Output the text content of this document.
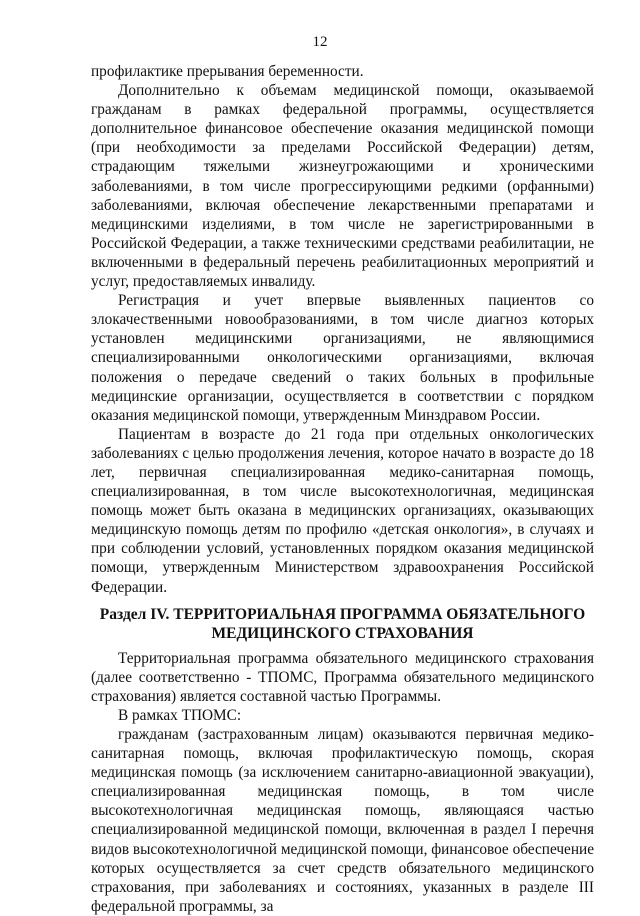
12

профилактике прерывания беременности.

Дополнительно к объемам медицинской помощи, оказываемой гражданам в рамках федеральной программы, осуществляется дополнительное финансовое обеспечение оказания медицинской помощи (при необходимости за пределами Российской Федерации) детям, страдающим тяжелыми жизнеугрожающими и хроническими заболеваниями, в том числе прогрессирующими редкими (орфанными) заболеваниями, включая обеспечение лекарственными препаратами и медицинскими изделиями, в том числе не зарегистрированными в Российской Федерации, а также техническими средствами реабилитации, не включенными в федеральный перечень реабилитационных мероприятий и услуг, предоставляемых инвалиду.

Регистрация и учет впервые выявленных пациентов со злокачественными новообразованиями, в том числе диагноз которых установлен медицинскими организациями, не являющимися специализированными онкологическими организациями, включая положения о передаче сведений о таких больных в профильные медицинские организации, осуществляется в соответствии с порядком оказания медицинской помощи, утвержденным Минздравом России.

Пациентам в возрасте до 21 года при отдельных онкологических заболеваниях с целью продолжения лечения, которое начато в возрасте до 18 лет, первичная специализированная медико-санитарная помощь, специализированная, в том числе высокотехнологичная, медицинская помощь может быть оказана в медицинских организациях, оказывающих медицинскую помощь детям по профилю «детская онкология», в случаях и при соблюдении условий, установленных порядком оказания медицинской помощи, утвержденным Министерством здравоохранения Российской Федерации.

Раздел IV. ТЕРРИТОРИАЛЬНАЯ ПРОГРАММА ОБЯЗАТЕЛЬНОГО
МЕДИЦИНСКОГО СТРАХОВАНИЯ

Территориальная программа обязательного медицинского страхования (далее соответственно - ТПОМС, Программа обязательного медицинского страхования) является составной частью Программы.

В рамках ТПОМС:

гражданам (застрахованным лицам) оказываются первичная медико-санитарная помощь, включая профилактическую помощь, скорая медицинская помощь (за исключением санитарно-авиационной эвакуации), специализированная медицинская помощь, в том числе высокотехнологичная медицинская помощь, являющаяся частью специализированной медицинской помощи, включенная в раздел I перечня видов высокотехнологичной медицинской помощи, финансовое обеспечение которых осуществляется за счет средств обязательного медицинского страхования, при заболеваниях и состояниях, указанных в разделе III федеральной программы, за
